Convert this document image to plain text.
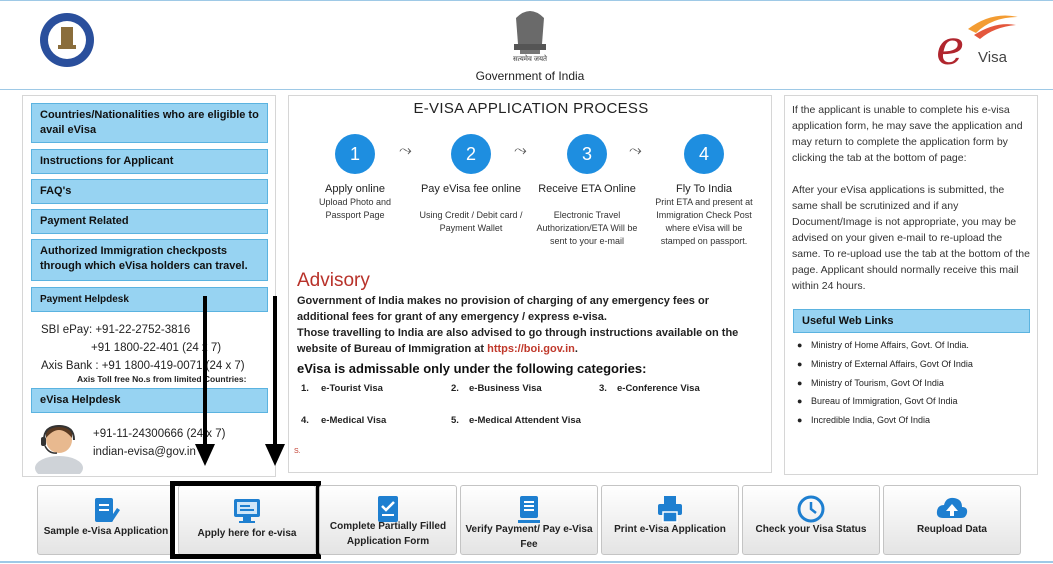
सत्यमेव जयते
Government of India	e Visa
Countries/Nationalities who are eligible to avail eVisa
Instructions for Applicant
FAQ's
Payment Related
Authorized Immigration checkposts through which eVisa holders can travel.
Payment Helpdesk
SBI ePay: +91-22-2752-3816
+91 1800-22-401 (24 x 7)
Axis Bank : +91 1800-419-0071 (24 x 7)
Axis Toll free No.s from limited Countries:
eVisa Helpdesk
+91-11-24300666 (24 x 7)
indian-evisa@gov.in
E-VISA APPLICATION PROCESS
1	⤳	2	⤳	3	⤳	4
Apply online
Upload Photo and Passport Page
Pay eVisa fee online
Using Credit / Debit card / Payment Wallet
Receive ETA Online
Electronic Travel Authorization/ETA Will be sent to your e-mail
Fly To India
Print ETA and present at Immigration Check Post where eVisa will be stamped on passport.
Advisory
Government of India makes no provision of charging of any emergency fees or additional fees for grant of any emergency / express e-visa.
Those travelling to India are also advised to go through instructions available on the website of Bureau of Immigration at https://boi.gov.in.
eVisa is admissable only under the following categories:
1. e-Tourist Visa	2. e-Business Visa	3. e-Conference Visa
4. e-Medical Visa	5. e-Medical Attendent Visa
S.
If the applicant is unable to complete his e-visa application form, he may save the application and may return to complete the application form by clicking the tab at the bottom of page:
After your eVisa applications is submitted, the same shall be scrutinized and if any Document/Image is not appropriate, you may be advised on your given e-mail to re-upload the same. To re-upload use the tab at the bottom of the page. Applicant should normally receive this mail within 24 hours.
Useful Web Links
● Ministry of Home Affairs, Govt. Of India.
● Ministry of External Affairs, Govt Of India
● Ministry of Tourism, Govt Of India
● Bureau of Immigration, Govt Of India
● Incredible India, Govt Of India
Sample e-Visa Application	Apply here for e-visa
Complete Partially Filled Application Form
Verify Payment/ Pay e-Visa Fee
Print e-Visa Application	Check your Visa Status	Reupload Data
